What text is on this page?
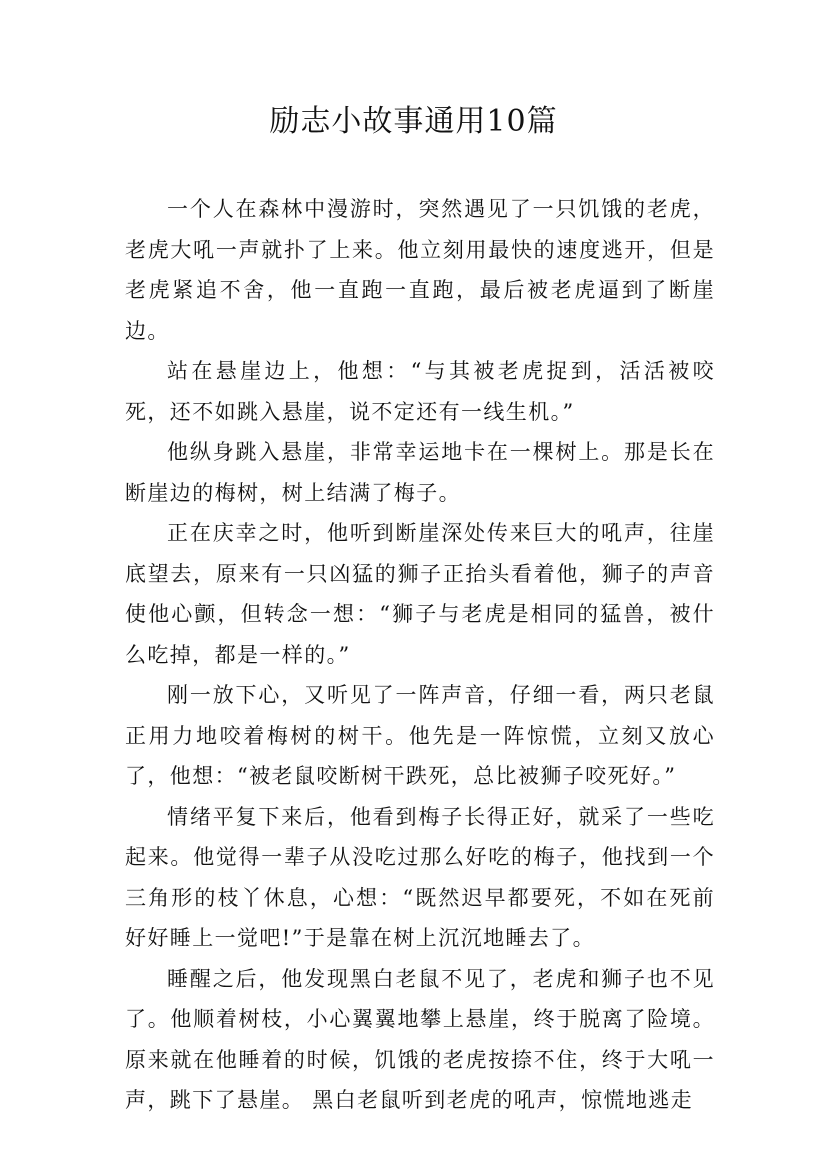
励志小故事通用10篇

一个人在森林中漫游时，突然遇见了一只饥饿的老虎，老虎大吼一声就扑了上来。他立刻用最快的速度逃开，但是老虎紧追不舍，他一直跑一直跑，最后被老虎逼到了断崖边。

站在悬崖边上，他想：“与其被老虎捉到，活活被咬死，还不如跳入悬崖，说不定还有一线生机。”

他纵身跳入悬崖，非常幸运地卡在一棵树上。那是长在断崖边的梅树，树上结满了梅子。

正在庆幸之时，他听到断崖深处传来巨大的吼声，往崖底望去，原来有一只凶猛的狮子正抬头看着他，狮子的声音使他心颤，但转念一想：“狮子与老虎是相同的猛兽，被什么吃掉，都是一样的。”

刚一放下心，又听见了一阵声音，仔细一看，两只老鼠正用力地咬着梅树的树干。他先是一阵惊慌，立刻又放心了，他想：“被老鼠咬断树干跌死，总比被狮子咬死好。”

情绪平复下来后，他看到梅子长得正好，就采了一些吃起来。他觉得一辈子从没吃过那么好吃的梅子，他找到一个三角形的枝丫休息，心想：“既然迟早都要死，不如在死前好好睡上一觉吧!”于是靠在树上沉沉地睡去了。

睡醒之后，他发现黑白老鼠不见了，老虎和狮子也不见了。他顺着树枝，小心翼翼地攀上悬崖，终于脱离了险境。原来就在他睡着的时候，饥饿的老虎按捺不住，终于大吼一声，跳下了悬崖。 黑白老鼠听到老虎的吼声，惊慌地逃走
